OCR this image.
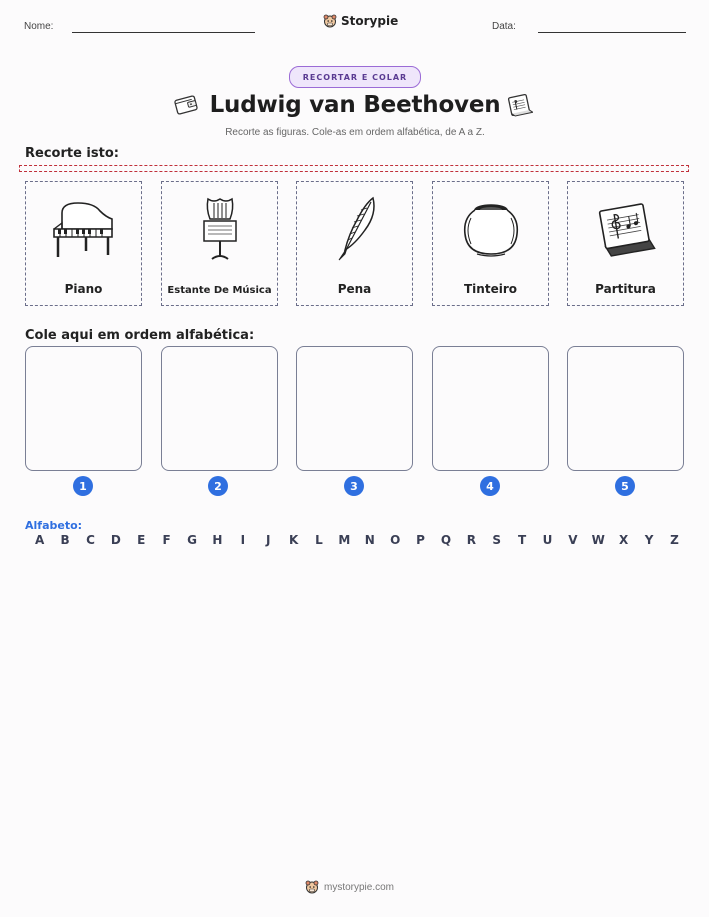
Nome:	Storypie	Data:
RECORTAR E COLAR
Ludwig van Beethoven
Recorte as figuras. Cole-as em ordem alfabética, de A a Z.
Recorte isto:
Piano	Estante De Música	Pena	Tinteiro	Partitura
Cole aqui em ordem alfabética:
1	2	3	4	5
Alfabeto:
A	B	C	D	E	F	G	H	I	J	K	L	M	N	O	P	Q	R	S	T	U	V	W	X	Y	Z
mystorypie.com
